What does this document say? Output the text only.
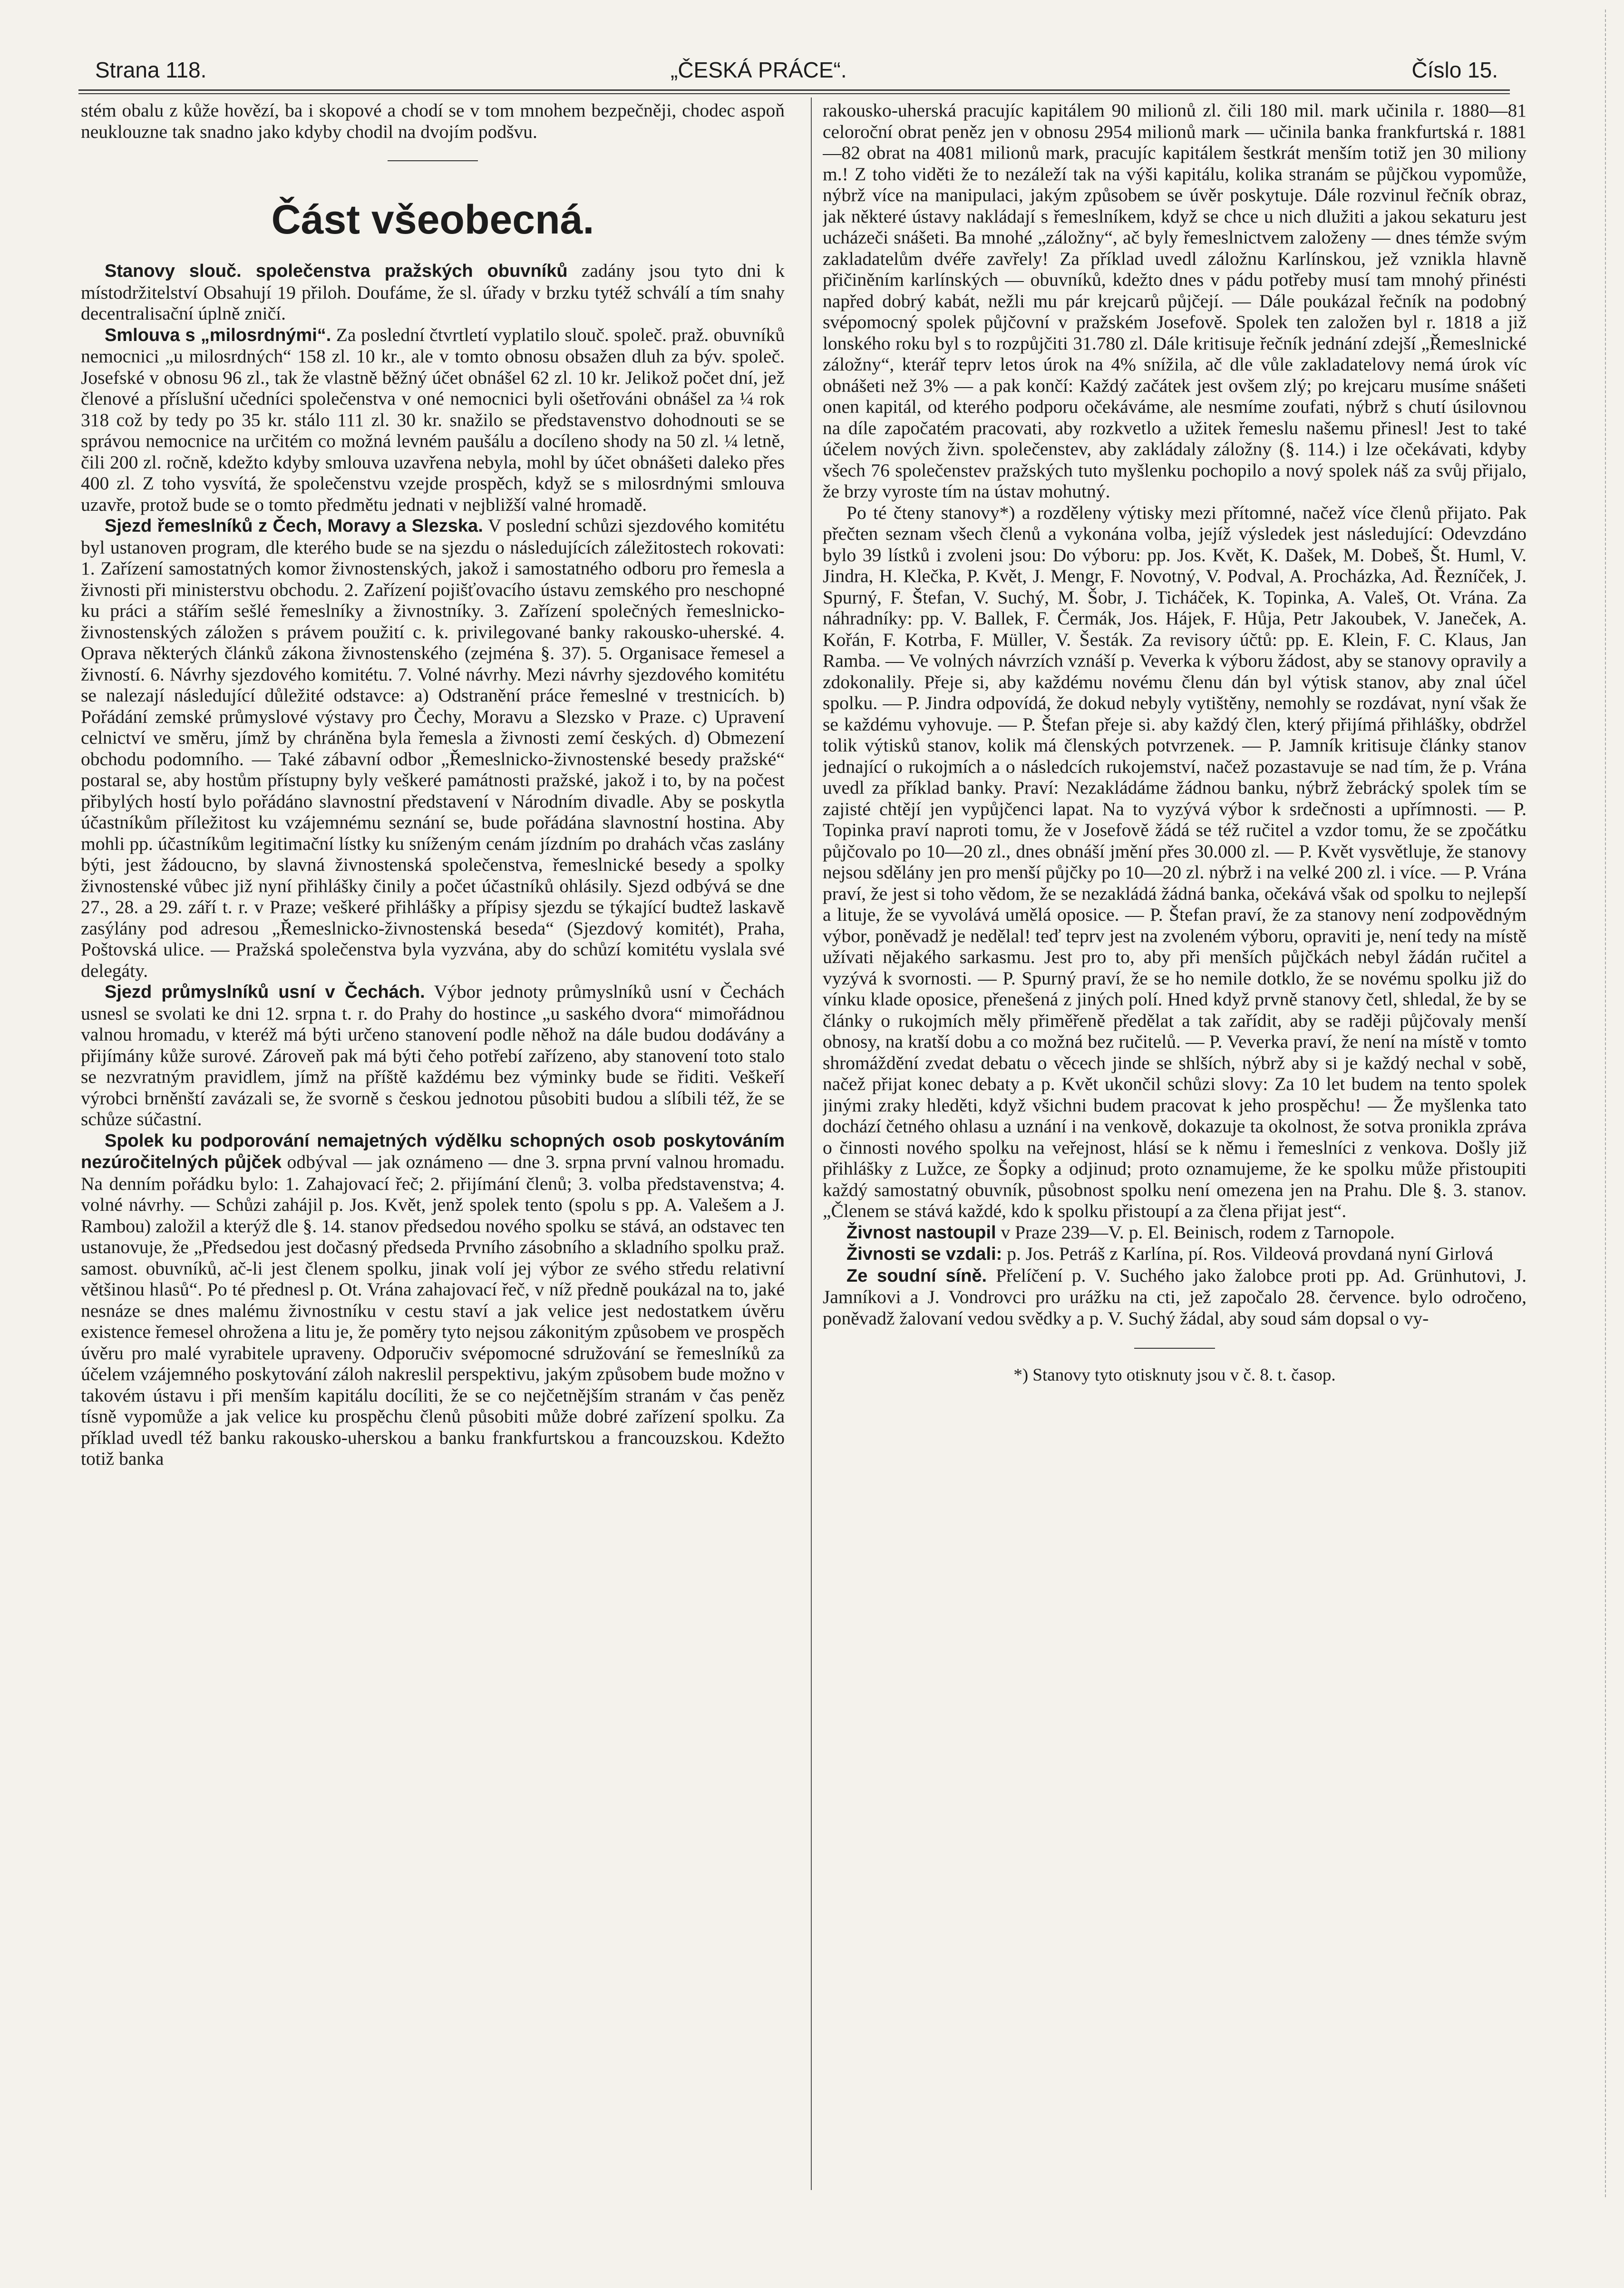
Strana 118.	„ČESKÁ PRÁCE“.	Číslo 15.

stém obalu z kůže hovězí, ba i skopové a chodí se v tom mnohem bezpečněji, chodec aspoň neuklouzne tak snadno jako kdyby chodil na dvojím podšvu.

Část všeobecná.

Stanovy slouč. společenstva pražských obuvníků zadány jsou tyto dni k místodržitelství Obsahují 19 přiloh. Doufáme, že sl. úřady v brzku tytéž schválí a tím snahy decentralisační úplně zničí.

Smlouva s „milosrdnými“. Za poslední čtvrtletí vyplatilo slouč. společ. praž. obuvníků nemocnici „u milosrdných“ 158 zl. 10 kr., ale v tomto obnosu obsažen dluh za býv. společ. Josefské v obnosu 96 zl., tak že vlastně běžný účet obnášel 62 zl. 10 kr. Jelikož počet dní, jež členové a příslušní učedníci společenstva v oné nemocnici byli ošetřováni obnášel za ¼ rok 318 což by tedy po 35 kr. stálo 111 zl. 30 kr. snažilo se představenstvo dohodnouti se se správou nemocnice na určitém co možná levném paušálu a docíleno shody na 50 zl. ¼ letně, čili 200 zl. ročně, kdežto kdyby smlouva uzavřena nebyla, mohl by účet obnášeti daleko přes 400 zl. Z toho vysvítá, že společenstvu vzejde prospěch, když se s milosrdnými smlouva uzavře, protož bude se o tomto předmětu jednati v nejbližší valné hromadě.

Sjezd řemeslníků z Čech, Moravy a Slezska. V poslední schůzi sjezdového komitétu byl ustanoven program, dle kterého bude se na sjezdu o následujících záležitostech rokovati: 1. Zařízení samostatných komor živnostenských, jakož i samostatného odboru pro řemesla a živnosti při ministerstvu obchodu. 2. Zařízení pojišťovacího ústavu zemského pro neschopné ku práci a stářím sešlé řemeslníky a živnostníky. 3. Zařízení společných řemeslnicko-živnostenských záložen s právem použití c. k. privilegované banky rakousko-uherské. 4. Oprava některých článků zákona živnostenského (zejména §. 37). 5. Organisace řemesel a živností. 6. Návrhy sjezdového komitétu. 7. Volné návrhy. Mezi návrhy sjezdového komitétu se nalezají následující důležité odstavce: a) Odstranění práce řemeslné v trestnicích. b) Pořádání zemské průmyslové výstavy pro Čechy, Moravu a Slezsko v Praze. c) Upravení celnictví ve směru, jímž by chráněna byla řemesla a živnosti zemí českých. d) Obmezení obchodu podomního. — Také zábavní odbor „Řemeslnicko-živnostenské besedy pražské“ postaral se, aby hostům přístupny byly veškeré památnosti pražské, jakož i to, by na počest přibylých hostí bylo pořádáno slavnostní představení v Národním divadle. Aby se poskytla účastníkům příležitost ku vzájemnému seznání se, bude pořádána slavnostní hostina. Aby mohli pp. účastníkům legitimační lístky ku sníženým cenám jízdním po drahách včas zaslány býti, jest žádoucno, by slavná živnostenská společenstva, řemeslnické besedy a spolky živnostenské vůbec již nyní přihlášky činily a počet účastníků ohlásily. Sjezd odbývá se dne 27., 28. a 29. září t. r. v Praze; veškeré přihlášky a přípisy sjezdu se týkající budtež laskavě zasýlány pod adresou „Řemeslnicko-živnostenská beseda“ (Sjezdový komitét), Praha, Poštovská ulice. — Pražská společenstva byla vyzvána, aby do schůzí komitétu vyslala své delegáty.

Sjezd průmyslníků usní v Čechách. Výbor jednoty průmyslníků usní v Čechách usnesl se svolati ke dni 12. srpna t. r. do Prahy do hostince „u saského dvora“ mimořádnou valnou hromadu, v kteréž má býti určeno stanovení podle něhož na dále budou dodávány a přijímány kůže surové. Zároveň pak má býti čeho potřebí zařízeno, aby stanovení toto stalo se nezvratným pravidlem, jímž na příště každému bez výminky bude se řiditi. Veškeří výrobci brněnští zavázali se, že svorně s českou jednotou působiti budou a slíbili též, že se schůze súčastní.

Spolek ku podporování nemajetných výdělku schopných osob poskytováním nezúročitelných půjček odbýval — jak oznámeno — dne 3. srpna první valnou hromadu. Na denním pořádku bylo: 1. Zahajovací řeč; 2. přijímání členů; 3. volba představenstva; 4. volné návrhy. — Schůzi zahájil p. Jos. Květ, jenž spolek tento (spolu s pp. A. Valešem a J. Rambou) založil a kterýž dle §. 14. stanov předsedou nového spolku se stává, an odstavec ten ustanovuje, že „Předsedou jest dočasný předseda Prvního zásobního a skladního spolku praž. samost. obuvníků, ač-li jest členem spolku, jinak volí jej výbor ze svého středu relativní většinou hlasů“. Po té přednesl p. Ot. Vrána zahajovací řeč, v níž předně poukázal na to, jaké nesnáze se dnes malému živnostníku v cestu staví a jak velice jest nedostatkem úvěru existence řemesel ohrožena a litu je, že poměry tyto nejsou zákonitým způsobem ve prospěch úvěru pro malé vyrabitele upraveny. Odporučiv svépomocné sdružování se řemeslníků za účelem vzájemného poskytování záloh nakreslil perspektivu, jakým způsobem bude možno v takovém ústavu i při menším kapitálu docíliti, že se co nejčetnějším stranám v čas peněz tísně vypomůže a jak velice ku prospěchu členů působiti může dobré zařízení spolku. Za příklad uvedl též banku rakousko-uherskou a banku frankfurtskou a francouzskou. Kdežto totiž banka

rakousko-uherská pracujíc kapitálem 90 milionů zl. čili 180 mil. mark učinila r. 1880—81 celoroční obrat peněz jen v obnosu 2954 milionů mark — učinila banka frankfurtská r. 1881—82 obrat na 4081 milionů mark, pracujíc kapitálem šestkrát menším totiž jen 30 miliony m.! Z toho viděti že to nezáleží tak na výši kapitálu, kolika stranám se půjčkou vypomůže, nýbrž více na manipulaci, jakým způsobem se úvěr poskytuje. Dále rozvinul řečník obraz, jak některé ústavy nakládají s řemeslníkem, když se chce u nich dlužiti a jakou sekaturu jest ucházeči snášeti. Ba mnohé „záložny“, ač byly řemeslnictvem založeny — dnes témže svým zakladatelům dvéře zavřely! Za příklad uvedl záložnu Karlínskou, jež vznikla hlavně přičiněním karlínských — obuvníků, kdežto dnes v pádu potřeby musí tam mnohý přinésti napřed dobrý kabát, nežli mu pár krejcarů půjčejí. — Dále poukázal řečník na podobný svépomocný spolek půjčovní v pražském Josefově. Spolek ten založen byl r. 1818 a již lonského roku byl s to rozpůjčiti 31.780 zl. Dále kritisuje řečník jednání zdejší „Řemeslnické záložny“, kterář teprv letos úrok na 4% snížila, ač dle vůle zakladatelovy nemá úrok víc obnášeti než 3% — a pak končí: Každý začátek jest ovšem zlý; po krejcaru musíme snášeti onen kapitál, od kterého podporu očekáváme, ale nesmíme zoufati, nýbrž s chutí úsilovnou na díle započatém pracovati, aby rozkvetlo a užitek řemeslu našemu přinesl! Jest to také účelem nových živn. společenstev, aby zakládaly záložny (§. 114.) i lze očekávati, kdyby všech 76 společenstev pražských tuto myšlenku pochopilo a nový spolek náš za svůj přijalo, že brzy vyroste tím na ústav mohutný.

Po té čteny stanovy*) a rozděleny výtisky mezi přítomné, načež více členů přijato. Pak přečten seznam všech členů a vykonána volba, jejíž výsledek jest následující: Odevzdáno bylo 39 lístků i zvoleni jsou: Do výboru: pp. Jos. Květ, K. Dašek, M. Dobeš, Št. Huml, V. Jindra, H. Klečka, P. Květ, J. Mengr, F. Novotný, V. Podval, A. Procházka, Ad. Řezníček, J. Spurný, F. Štefan, V. Suchý, M. Šobr, J. Ticháček, K. Topinka, A. Valeš, Ot. Vrána. Za náhradníky: pp. V. Ballek, F. Čermák, Jos. Hájek, F. Hůja, Petr Jakoubek, V. Janeček, A. Kořán, F. Kotrba, F. Müller, V. Šesták. Za revisory účtů: pp. E. Klein, F. C. Klaus, Jan Ramba. — Ve volných návrzích vznáší p. Veverka k výboru žádost, aby se stanovy opravily a zdokonalily. Přeje si, aby každému novému členu dán byl výtisk stanov, aby znal účel spolku. — P. Jindra odpovídá, že dokud nebyly vytištěny, nemohly se rozdávat, nyní však že se každému vyhovuje. — P. Štefan přeje si. aby každý člen, který přijímá přihlášky, obdržel tolik výtisků stanov, kolik má členských potvrzenek. — P. Jamník kritisuje články stanov jednající o rukojmích a o následcích rukojemství, načež pozastavuje se nad tím, že p. Vrána uvedl za příklad banky. Praví: Nezakládáme žádnou banku, nýbrž žebrácký spolek tím se zajisté chtějí jen vypůjčenci lapat. Na to vyzývá výbor k srdečnosti a upřímnosti. — P. Topinka praví naproti tomu, že v Josefově žádá se též ručitel a vzdor tomu, že se zpočátku půjčovalo po 10—20 zl., dnes obnáší jmění přes 30.000 zl. — P. Květ vysvětluje, že stanovy nejsou sdělány jen pro menší půjčky po 10—20 zl. nýbrž i na velké 200 zl. i více. — P. Vrána praví, že jest si toho vědom, že se nezakládá žádná banka, očekává však od spolku to nejlepší a lituje, že se vyvolává umělá oposice. — P. Štefan praví, že za stanovy není zodpovědným výbor, poněvadž je nedělal! teď teprv jest na zvoleném výboru, opraviti je, není tedy na místě užívati nějakého sarkasmu. Jest pro to, aby při menších půjčkách nebyl žádán ručitel a vyzývá k svornosti. — P. Spurný praví, že se ho nemile dotklo, že se novému spolku již do vínku klade oposice, přenešená z jiných polí. Hned když prvně stanovy četl, shledal, že by se články o rukojmích měly přiměřeně předělat a tak zařídit, aby se raději půjčovaly menší obnosy, na kratší dobu a co možná bez ručitelů. — P. Veverka praví, že není na místě v tomto shromáždění zvedat debatu o věcech jinde se shlších, nýbrž aby si je každý nechal v sobě, načež přijat konec debaty a p. Květ ukončil schůzi slovy: Za 10 let budem na tento spolek jinými zraky hleděti, když všichni budem pracovat k jeho prospěchu! — Že myšlenka tato dochází četného ohlasu a uznání i na venkově, dokazuje ta okolnost, že sotva pronikla zpráva o činnosti nového spolku na veřejnost, hlásí se k němu i řemeslníci z venkova. Došly již přihlášky z Lužce, ze Šopky a odjinud; proto oznamujeme, že ke spolku může přistoupiti každý samostatný obuvník, působnost spolku není omezena jen na Prahu. Dle §. 3. stanov. „Členem se stává každé, kdo k spolku přistoupí a za člena přijat jest“.

Živnost nastoupil v Praze 239—V. p. El. Beinisch, rodem z Tarnopole.

Živnosti se vzdali: p. Jos. Petráš z Karlína, pí. Ros. Vildeová provdaná nyní Girlová

Ze soudní síně. Přelíčení p. V. Suchého jako žalobce proti pp. Ad. Grünhutovi, J. Jamníkovi a J. Vondrovci pro urážku na cti, jež započalo 28. července. bylo odročeno, poněvadž žalovaní vedou svědky a p. V. Suchý žádal, aby soud sám dopsal o vy-

*) Stanovy tyto otisknuty jsou v č. 8. t. časop.
